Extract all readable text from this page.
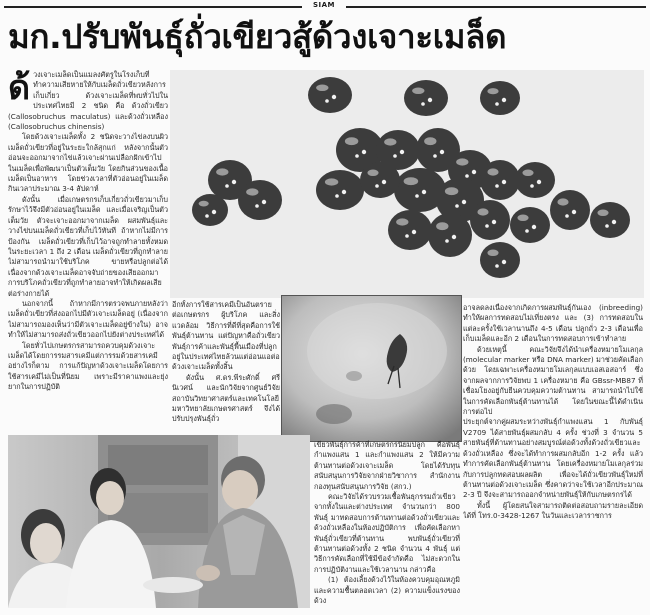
SIAM
มก.ปรับพันธุ์ถั่วเขียวสู้ด้วงเจาะเมล็ด
ด้ วงเจาะเมล็ดเป็นแมลงศัตรูในโรงเก็บที่ทำความเสียหายให้กับเมล็ดถั่วเขียวหลังการเก็บเกี่ยว ด้วงเจาะเมล็ดที่พบทั่วไปในประเทศไทยมี 2 ชนิด คือ ด้วงถั่วเขียว (Callosobruchus maculatus) และด้วงถั่วเหลือง (Callosobruchus chinensis)

โดยด้วงเจาะเมล็ดทั้ง 2 ชนิดจะวางไข่ลงบนผิวเมล็ดถั่วเขียวที่อยู่ในระยะใกล้สุกแก่ หลังจากนั้นตัวอ่อนจะออกมาจากไข่แล้วเจาะผ่านเปลือกฝักเข้าไปในเมล็ดเพื่อพัฒนาเป็นตัวเต็มวัย โดยกินส่วนของเนื้อเมล็ดเป็นอาหาร โดยช่วงเวลาที่ตัวอ่อนอยู่ในเมล็ดกินเวลาประมาณ 3-4 สัปดาห์

ดังนั้น เมื่อเกษตรกรเก็บเกี่ยวถั่วเขียวมาเก็บรักษาไว้จึงมีตัวอ่อนอยู่ในเมล็ด และเมื่อเจริญเป็นตัวเต็มวัย ตัวจะเจาะออกมาจากเมล็ด ผสมพันธุ์และวางไข่บนเมล็ดถั่วเขียวที่เก็บไว้ทันที ถ้าหากไม่มีการป้องกัน เมล็ดถั่วเขียวที่เก็บไว้อาจถูกทำลายทั้งหมดในระยะเวลา 1 ถึง 2 เดือน เมล็ดถั่วเขียวที่ถูกทำลายไม่สามารถนำมาใช้บริโภค ขายหรือปลูกต่อได้ เนื่องจากด้วงเจาะเมล็ดอาจจับถ่ายของเสียออกมา การบริโภคถั่วเขียวที่ถูกทำลายอาจทำให้เกิดผลเสียต่อร่างกายได้

นอกจากนี้ ถ้าหากมีการตรวจพบภายหลังว่าเมล็ดถั่วเขียวที่ส่งออกไปมีตัวเจาะเมล็ดอยู่ (เนื่องจากไม่สามารถมองเห็นว่ามีตัวเจาะเมล็ดอยู่ข้างใน) อาจทำให้ไม่สามารถส่งถั่วเขียวออกไปยังต่างประเทศได้

โดยทั่วไปเกษตรกรสามารถควบคุมด้วงเจาะเมล็ดได้โดยการรมสารเคมีแต่การรมด้วยสารเคมี อย่างไรก็ตาม การแก้ปัญหาด้วงเจาะเมล็ดโดยการใช้สารเคมีไม่เป็นที่นิยม เพราะมีราคาแพงและยุ่งยากในการปฏิบัติ

อีกทั้งการใช้สารเคมีเป็นอันตรายต่อเกษตรกร ผู้บริโภค และสิ่งแวดล้อม วิธีการที่ดีที่สุดคือการใช้พันธุ์ต้านทาน แต่ปัญหาคือถั่วเขียวพันธุ์การค้าและพันธุ์พื้นเมืองที่ปลูกอยู่ในประเทศไทยล้วนแต่อ่อนแอต่อด้วงเจาะเมล็ดทั้งสิ้น

ดังนั้น ศ.ดร.พีระศักดิ์ ศรีนิเวศน์ และนักวิจัยจากศูนย์วิจัย สถาบันวิทยาศาสตร์และเทคโนโลยี มหาวิทยาลัยเกษตรศาสตร์ จึงได้ปรับปรุงพันธุ์ถั่ว

อาจลดลงเนื่องจากเกิดการผสมพันธุ์กันเอง (inbreeding) ทำให้ผลการทดสอบไม่เที่ยงตรง และ (3) การทดสอบในแต่ละครั้งใช้เวลานานถึง 4-5 เดือน ปลูกถั่ว 2-3 เดือนเพื่อเก็บเมล็ดและอีก 2 เดือนในการทดสอบการเข้าทำลาย

ด้วยเหตุนี้ คณะวิจัยจึงได้นำเครื่องหมายโมเลกุล (molecular marker หรือ DNA marker) มาช่วยคัดเลือกด้วย โดยเฉพาะเครื่องหมายโมเลกุลแบบเอสเอสอาร์ ซึ่งจากผลจากการวิจัยพบ 1 เครื่องหมาย คือ GBssr-MB87 ที่เชื่อมโยงอยู่กับยีนควบคุมความต้านทาน สามารถนำไปใช้ในการคัดเลือกพันธุ์ต้านทานได้ โดยในขณะนี้ได้ดำเนินการต่อไป

ประยุกต์จากคู่ผสมระหว่างพันธุ์กำแพงแสน 1 กับพันธุ์ V2709 ได้สายพันธุ์ผสมกลับ 4 ครั้ง ช่วงที่ 3 จำนวน 5 สายพันธุ์ที่ต้านทานอย่างสมบูรณ์ต่อด้วงทั้งด้วงถั่วเขียวและด้วงถั่วเหลือง ซึ่งจะได้ทำการผสมกลับอีก 1-2 ครั้ง แล้วทำการคัดเลือกพันธุ์ต้านทาน โดยเครื่องหมายโมเลกุลร่วมกับการปลูกทดสอบผลผลิต เพื่อจะได้ถั่วเขียวพันธุ์ใหม่ที่ต้านทานต่อด้วงเจาะเมล็ด ซึ่งคาดว่าจะใช้เวลาอีกประมาณ 2-3 ปี จึงจะสามารถออกจำหน่ายพันธุ์ให้กับเกษตรกรได้

ทั้งนี้ ผู้โดยสนใจสามารถติดต่อสอบถามรายละเอียดได้ที่ โทร.0-3428-1267 ในวันและเวลาราชการ

เขียวพันธุ์การค้าที่เกษตรกรนิยมปลูก คือพันธุ์กำแพงแสน 1 และกำแพงแสน 2 ให้มีความต้านทานต่อด้วงเจาะเมล็ด โดยได้รับทุนสนับสนุนการวิจัยจากฝ่ายวิชาการ สำนักงานกองทุนสนับสนุนการวิจัย (สกว.)

คณะวิจัยได้รวบรวมเชื้อพันธุกรรมถั่วเขียวจากทั้งในและต่างประเทศ จำนวนกว่า 800 พันธุ์ มาทดสอบการต้านทานต่อด้วงถั่วเขียวและด้วงถั่วเหลืองในห้องปฏิบัติการ เพื่อคัดเลือกหาพันธุ์ถั่วเขียวที่ต้านทาน พบพันธุ์ถั่วเขียวที่ต้านทานต่อด้วงทั้ง 2 ชนิด จำนวน 4 พันธุ์ แต่วิธีการคัดเลือกที่ใช้มีข้อจำกัดคือ ไม่สะดวกในการปฏิบัติงานและใช้เวลานาน กล่าวคือ

(1) ต้องเลี้ยงด้วงไว้ในห้องควบคุมอุณหภูมิและความชื้นตลอดเวลา (2) ความแข็งแรงของด้วง
